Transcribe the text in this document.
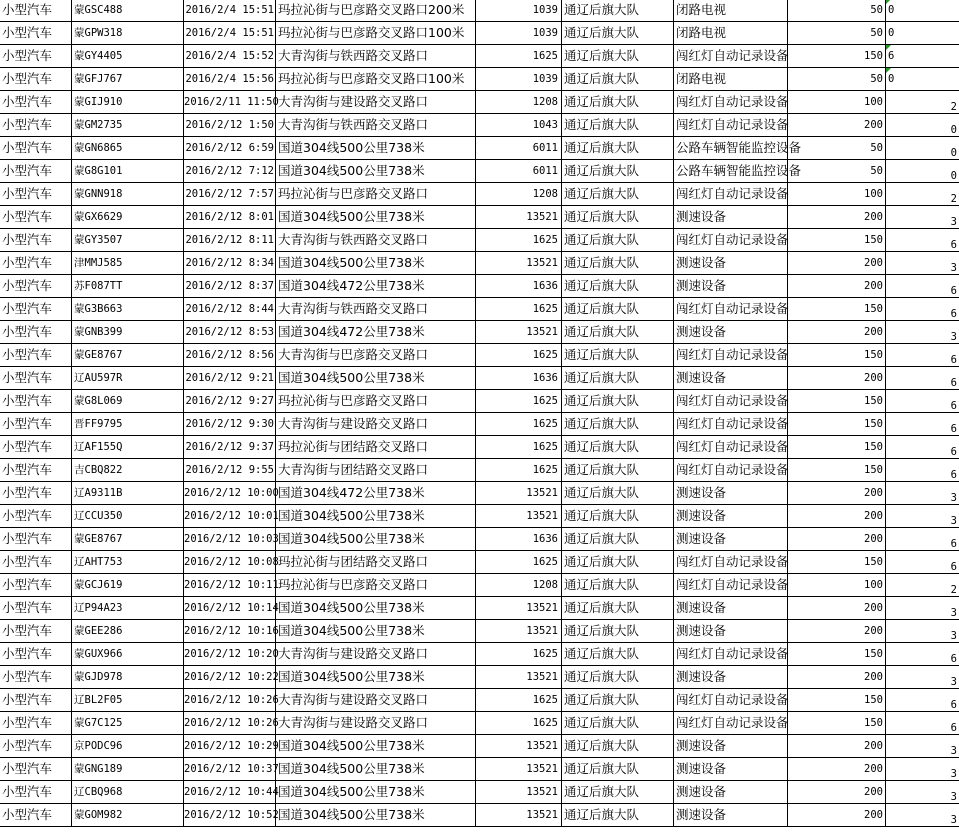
小型汽车	蒙GSC488	2016/2/4 15:51 玛拉沁街与巴彦路交叉路口200米	1039 通辽后旗大队	闭路电视	50 0
小型汽车	蒙GPW318	2016/2/4 15:51 玛拉沁街与巴彦路交叉路口100米	1039 通辽后旗大队	闭路电视	50 0
小型汽车	蒙GY4405	2016/2/4 15:52 大青沟街与铁西路交叉路口	1625 通辽后旗大队	闯红灯自动记录设备	150 6
小型汽车	蒙GFJ767	2016/2/4 15:56 玛拉沁街与巴彦路交叉路口100米	1039 通辽后旗大队	闭路电视	50 0
小型汽车	蒙GIJ910	2016/2/11 11:50 大青沟街与建设路交叉路口	1208 通辽后旗大队	闯红灯自动记录设备	100	2
小型汽车	蒙GM2735	2016/2/12 1:50 大青沟街与铁西路交叉路口	1043 通辽后旗大队	闯红灯自动记录设备	200	0
小型汽车	蒙GN6865	2016/2/12 6:59 国道304线500公里738米	6011 通辽后旗大队	公路车辆智能监控设备	50	0
小型汽车	蒙G8G101	2016/2/12 7:12 国道304线500公里738米	6011 通辽后旗大队	公路车辆智能监控设备	50	0
小型汽车	蒙GNN918	2016/2/12 7:57 玛拉沁街与巴彦路交叉路口	1208 通辽后旗大队	闯红灯自动记录设备	100	2
小型汽车	蒙GX6629	2016/2/12 8:01 国道304线500公里738米	13521 通辽后旗大队	测速设备	200	3
小型汽车	蒙GY3507	2016/2/12 8:11 大青沟街与铁西路交叉路口	1625 通辽后旗大队	闯红灯自动记录设备	150	6
小型汽车	津MMJ585	2016/2/12 8:34 国道304线500公里738米	13521 通辽后旗大队	测速设备	200	3
小型汽车	苏F087TT	2016/2/12 8:37 国道304线472公里738米	1636 通辽后旗大队	测速设备	200	6
小型汽车	蒙G3B663	2016/2/12 8:44 大青沟街与铁西路交叉路口	1625 通辽后旗大队	闯红灯自动记录设备	150	6
小型汽车	蒙GNB399	2016/2/12 8:53 国道304线472公里738米	13521 通辽后旗大队	测速设备	200	3
小型汽车	蒙GE8767	2016/2/12 8:56 大青沟街与巴彦路交叉路口	1625 通辽后旗大队	闯红灯自动记录设备	150	6
小型汽车	辽AU597R	2016/2/12 9:21 国道304线500公里738米	1636 通辽后旗大队	测速设备	200	6
小型汽车	蒙G8L069	2016/2/12 9:27 玛拉沁街与巴彦路交叉路口	1625 通辽后旗大队	闯红灯自动记录设备	150	6
小型汽车	晋FF9795	2016/2/12 9:30 大青沟街与建设路交叉路口	1625 通辽后旗大队	闯红灯自动记录设备	150	6
小型汽车	辽AF155Q	2016/2/12 9:37 玛拉沁街与团结路交叉路口	1625 通辽后旗大队	闯红灯自动记录设备	150	6
小型汽车	吉CBQ822	2016/2/12 9:55 大青沟街与团结路交叉路口	1625 通辽后旗大队	闯红灯自动记录设备	150	6
小型汽车	辽A9311B	2016/2/12 10:00 国道304线472公里738米	13521 通辽后旗大队	测速设备	200	3
小型汽车	辽CCU350	2016/2/12 10:01 国道304线500公里738米	13521 通辽后旗大队	测速设备	200	3
小型汽车	蒙GE8767	2016/2/12 10:03 国道304线500公里738米	1636 通辽后旗大队	测速设备	200	6
小型汽车	辽AHT753	2016/2/12 10:08 玛拉沁街与团结路交叉路口	1625 通辽后旗大队	闯红灯自动记录设备	150	6
小型汽车	蒙GCJ619	2016/2/12 10:11 玛拉沁街与巴彦路交叉路口	1208 通辽后旗大队	闯红灯自动记录设备	100	2
小型汽车	辽P94A23	2016/2/12 10:14 国道304线500公里738米	13521 通辽后旗大队	测速设备	200	3
小型汽车	蒙GEE286	2016/2/12 10:16 国道304线500公里738米	13521 通辽后旗大队	测速设备	200	3
小型汽车	蒙GUX966	2016/2/12 10:20 大青沟街与建设路交叉路口	1625 通辽后旗大队	闯红灯自动记录设备	150	6
小型汽车	蒙GJD978	2016/2/12 10:22 国道304线500公里738米	13521 通辽后旗大队	测速设备	200	3
小型汽车	辽BL2F05	2016/2/12 10:26 大青沟街与建设路交叉路口	1625 通辽后旗大队	闯红灯自动记录设备	150	6
小型汽车	蒙G7C125	2016/2/12 10:26 大青沟街与建设路交叉路口	1625 通辽后旗大队	闯红灯自动记录设备	150	6
小型汽车	京PODC96	2016/2/12 10:29 国道304线500公里738米	13521 通辽后旗大队	测速设备	200	3
小型汽车	蒙GNG189	2016/2/12 10:37 国道304线500公里738米	13521 通辽后旗大队	测速设备	200	3
小型汽车	辽CBQ968	2016/2/12 10:44 国道304线500公里738米	13521 通辽后旗大队	测速设备	200	3
小型汽车	蒙GOM982	2016/2/12 10:52 国道304线500公里738米	13521 通辽后旗大队	测速设备	200	3
